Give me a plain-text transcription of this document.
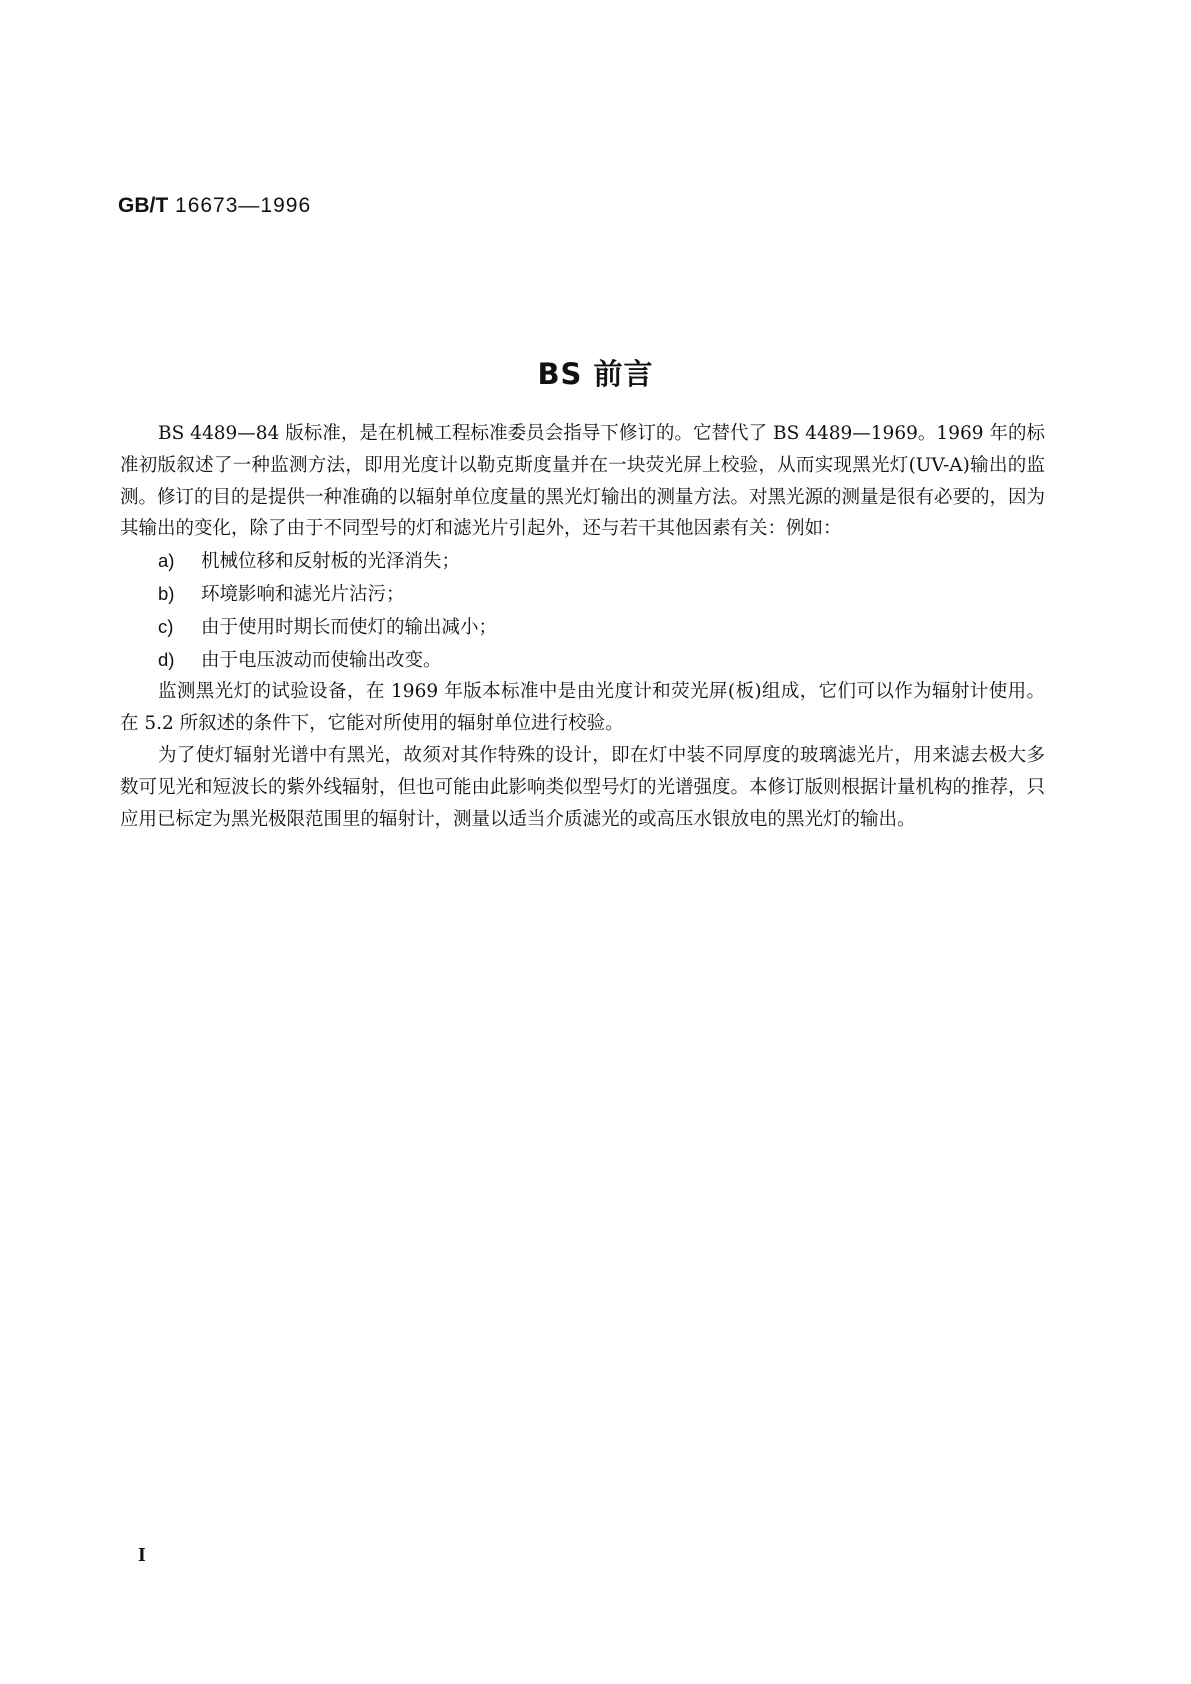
GB/T 16673—1996
BS 前言

BS 4489—84 版标准，是在机械工程标准委员会指导下修订的。它替代了 BS 4489—1969。1969 年的标准初版叙述了一种监测方法，即用光度计以勒克斯度量并在一块荧光屏上校验，从而实现黑光灯(UV-A)输出的监测。修订的目的是提供一种准确的以辐射单位度量的黑光灯输出的测量方法。对黑光源的测量是很有必要的，因为其输出的变化，除了由于不同型号的灯和滤光片引起外，还与若干其他因素有关：例如：

a) 机械位移和反射板的光泽消失；
b) 环境影响和滤光片沾污；
c) 由于使用时期长而使灯的输出减小；
d) 由于电压波动而使输出改变。

监测黑光灯的试验设备，在 1969 年版本标准中是由光度计和荧光屏(板)组成，它们可以作为辐射计使用。在 5.2 所叙述的条件下，它能对所使用的辐射单位进行校验。

为了使灯辐射光谱中有黑光，故须对其作特殊的设计，即在灯中装不同厚度的玻璃滤光片，用来滤去极大多数可见光和短波长的紫外线辐射，但也可能由此影响类似型号灯的光谱强度。本修订版则根据计量机构的推荐，只应用已标定为黑光极限范围里的辐射计，测量以适当介质滤光的或高压水银放电的黑光灯的输出。

I
